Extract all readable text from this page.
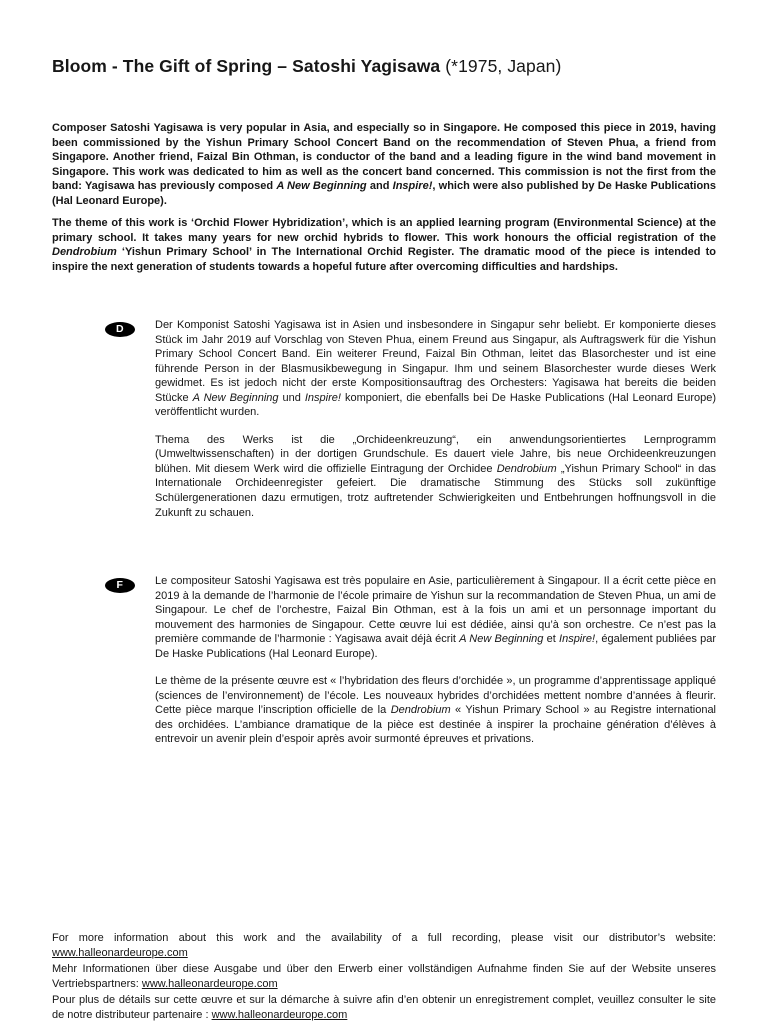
Bloom - The Gift of Spring – Satoshi Yagisawa (*1975, Japan)

Composer Satoshi Yagisawa is very popular in Asia, and especially so in Singapore. He composed this piece in 2019, having been commissioned by the Yishun Primary School Concert Band on the recommendation of Steven Phua, a friend from Singapore. Another friend, Faizal Bin Othman, is conductor of the band and a leading figure in the wind band movement in Singapore. This work was dedicated to him as well as the concert band concerned. This commission is not the first from the band: Yagisawa has previously composed A New Beginning and Inspire!, which were also published by De Haske Publications (Hal Leonard Europe).

The theme of this work is ‘Orchid Flower Hybridization’, which is an applied learning program (Environmental Science) at the primary school. It takes many years for new orchid hybrids to flower. This work honours the official registration of the Dendrobium ‘Yishun Primary School’ in The International Orchid Register. The dramatic mood of the piece is intended to inspire the next generation of students towards a hopeful future after overcoming difficulties and hardships.

D	Der Komponist Satoshi Yagisawa ist in Asien und insbesondere in Singapur sehr beliebt. Er komponierte dieses Stück im Jahr 2019 auf Vorschlag von Steven Phua, einem Freund aus Singapur, als Auftragswerk für die Yishun Primary School Concert Band. Ein weiterer Freund, Faizal Bin Othman, leitet das Blasorchester und ist eine führende Person in der Blasmusikbewegung in Singapur. Ihm und seinem Blasorchester wurde dieses Werk gewidmet. Es ist jedoch nicht der erste Kompositionsauftrag des Orchesters: Yagisawa hat bereits die beiden Stücke A New Beginning und Inspire! komponiert, die ebenfalls bei De Haske Publications (Hal Leonard Europe) veröffentlicht wurden.

Thema des Werks ist die „Orchideenkreuzung“, ein anwendungsorientiertes Lernprogramm (Umweltwissenschaften) in der dortigen Grundschule. Es dauert viele Jahre, bis neue Orchideenkreuzungen blühen. Mit diesem Werk wird die offizielle Eintragung der Orchidee Dendrobium „Yishun Primary School“ in das Internationale Orchideenregister gefeiert. Die dramatische Stimmung des Stücks soll zukünftige Schülergenerationen dazu ermutigen, trotz auftretender Schwierigkeiten und Entbehrungen hoffnungsvoll in die Zukunft zu schauen.

F	Le compositeur Satoshi Yagisawa est très populaire en Asie, particulièrement à Singapour. Il a écrit cette pièce en 2019 à la demande de l’harmonie de l’école primaire de Yishun sur la recommandation de Steven Phua, un ami de Singapour. Le chef de l’orchestre, Faizal Bin Othman, est à la fois un ami et un personnage important du mouvement des harmonies de Singapour. Cette œuvre lui est dédiée, ainsi qu’à son orchestre. Ce n’est pas la première commande de l’harmonie : Yagisawa avait déjà écrit A New Beginning et Inspire!, également publiées par De Haske Publications (Hal Leonard Europe).

Le thème de la présente œuvre est « l’hybridation des fleurs d’orchidée », un programme d’apprentissage appliqué (sciences de l’environnement) de l’école. Les nouveaux hybrides d’orchidées mettent nombre d’années à fleurir. Cette pièce marque l’inscription officielle de la Dendrobium « Yishun Primary School » au Registre international des orchidées. L’ambiance dramatique de la pièce est destinée à inspirer la prochaine génération d’élèves à entrevoir un avenir plein d’espoir après avoir surmonté épreuves et privations.

For more information about this work and the availability of a full recording, please visit our distributor’s website: www.halleonardeurope.com

Mehr Informationen über diese Ausgabe und über den Erwerb einer vollständigen Aufnahme finden Sie auf der Website unseres Vertriebspartners: www.halleonardeurope.com

Pour plus de détails sur cette œuvre et sur la démarche à suivre afin d’en obtenir un enregistrement complet, veuillez consulter le site de notre distributeur partenaire : www.halleonardeurope.com
